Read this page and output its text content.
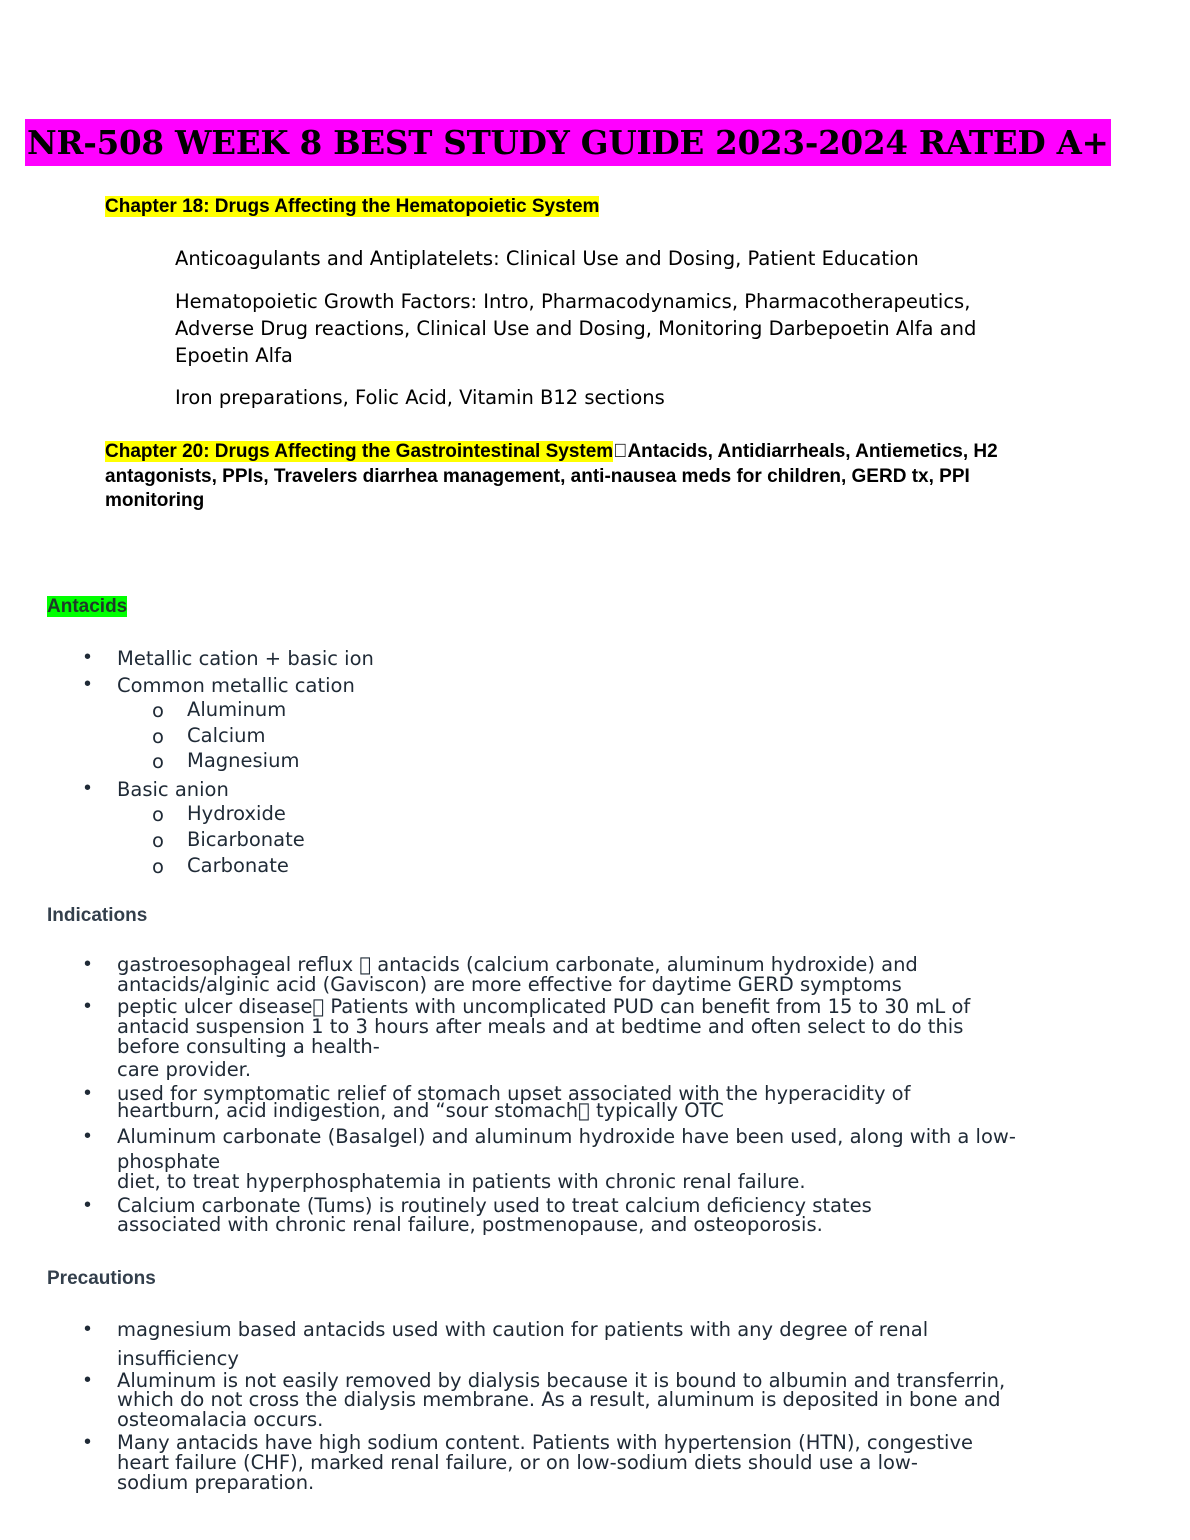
NR-508 WEEK 8 BEST STUDY GUIDE 2023-2024 RATED A+
Chapter 18: Drugs Affecting the Hematopoietic System
Anticoagulants and Antiplatelets: Clinical Use and Dosing, Patient Education
Hematopoietic Growth Factors: Intro, Pharmacodynamics, Pharmacotherapeutics,
Adverse Drug reactions, Clinical Use and Dosing, Monitoring Darbepoetin Alfa and
Epoetin Alfa
Iron preparations, Folic Acid, Vitamin B12 sections
Chapter 20: Drugs Affecting the Gastrointestinal System Antacids, Antidiarrheals, Antiemetics, H2
antagonists, PPIs, Travelers diarrhea management, anti-nausea meds for children, GERD tx, PPI
monitoring
Antacids
• Metallic cation + basic ion
• Common metallic cation
o Aluminum
o Calcium
o Magnesium
• Basic anion
o Hydroxide
o Bicarbonate
o Carbonate
Indications
• gastroesophageal reflux antacids (calcium carbonate, aluminum hydroxide) and
antacids/alginic acid (Gaviscon) are more effective for daytime GERD symptoms
• peptic ulcer disease Patients with uncomplicated PUD can benefit from 15 to 30 mL of
antacid suspension 1 to 3 hours after meals and at bedtime and often select to do this
before consulting a health-
care provider.
• used for symptomatic relief of stomach upset associated with the hyperacidity of
heartburn, acid indigestion, and “sour stomach typically OTC
• Aluminum carbonate (Basalgel) and aluminum hydroxide have been used, along with a low-
phosphate
diet, to treat hyperphosphatemia in patients with chronic renal failure.
• Calcium carbonate (Tums) is routinely used to treat calcium deficiency states
associated with chronic renal failure, postmenopause, and osteoporosis.
Precautions
• magnesium based antacids used with caution for patients with any degree of renal
insufficiency
• Aluminum is not easily removed by dialysis because it is bound to albumin and transferrin,
which do not cross the dialysis membrane. As a result, aluminum is deposited in bone and
osteomalacia occurs.
• Many antacids have high sodium content. Patients with hypertension (HTN), congestive
heart failure (CHF), marked renal failure, or on low-sodium diets should use a low-
sodium preparation.
